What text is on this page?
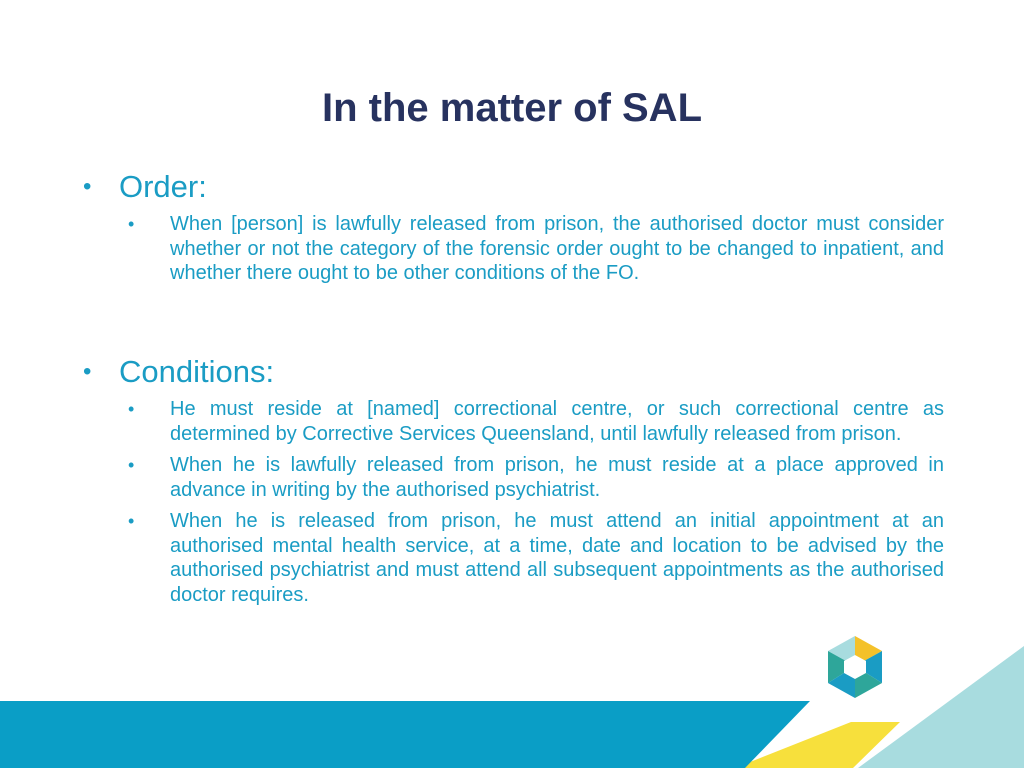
In the matter of SAL
• Order:
• When [person] is lawfully released from prison, the authorised doctor must consider whether or not the category of the forensic order ought to be changed to inpatient, and whether there ought to be other conditions of the FO.
• Conditions:
• He must reside at [named] correctional centre, or such correctional centre as determined by Corrective Services Queensland, until lawfully released from prison.
• When he is lawfully released from prison, he must reside at a place approved in advance in writing by the authorised psychiatrist.
• When he is released from prison, he must attend an initial appointment at an authorised mental health service, at a time, date and location to be advised by the authorised psychiatrist and must attend all subsequent appointments as the authorised doctor requires.
